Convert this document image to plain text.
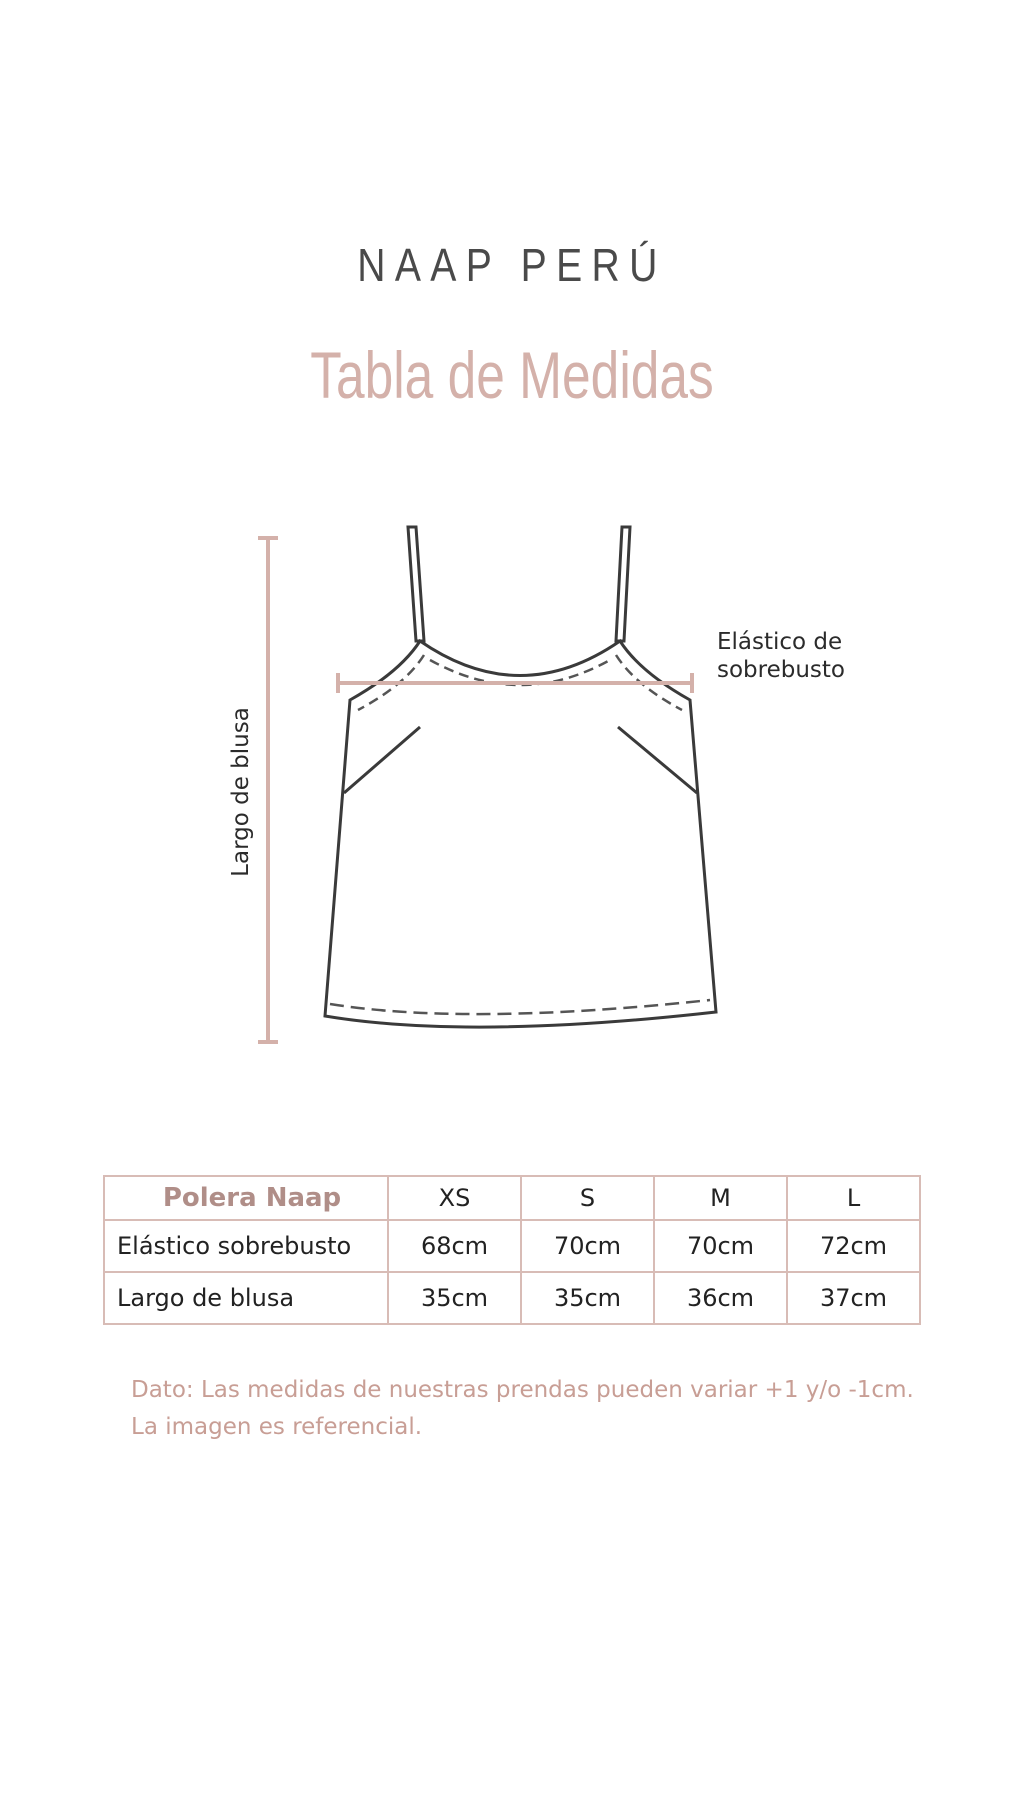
NAAP PERÚ
Tabla de Medidas
Elástico de
sobrebusto
Largo de blusa
Polera Naap	XS	S	M	L
Elástico sobrebusto	68cm	70cm	70cm	72cm
Largo de blusa	35cm	35cm	36cm	37cm
Dato: Las medidas de nuestras prendas pueden variar +1 y/o -1cm.
La imagen es referencial.
